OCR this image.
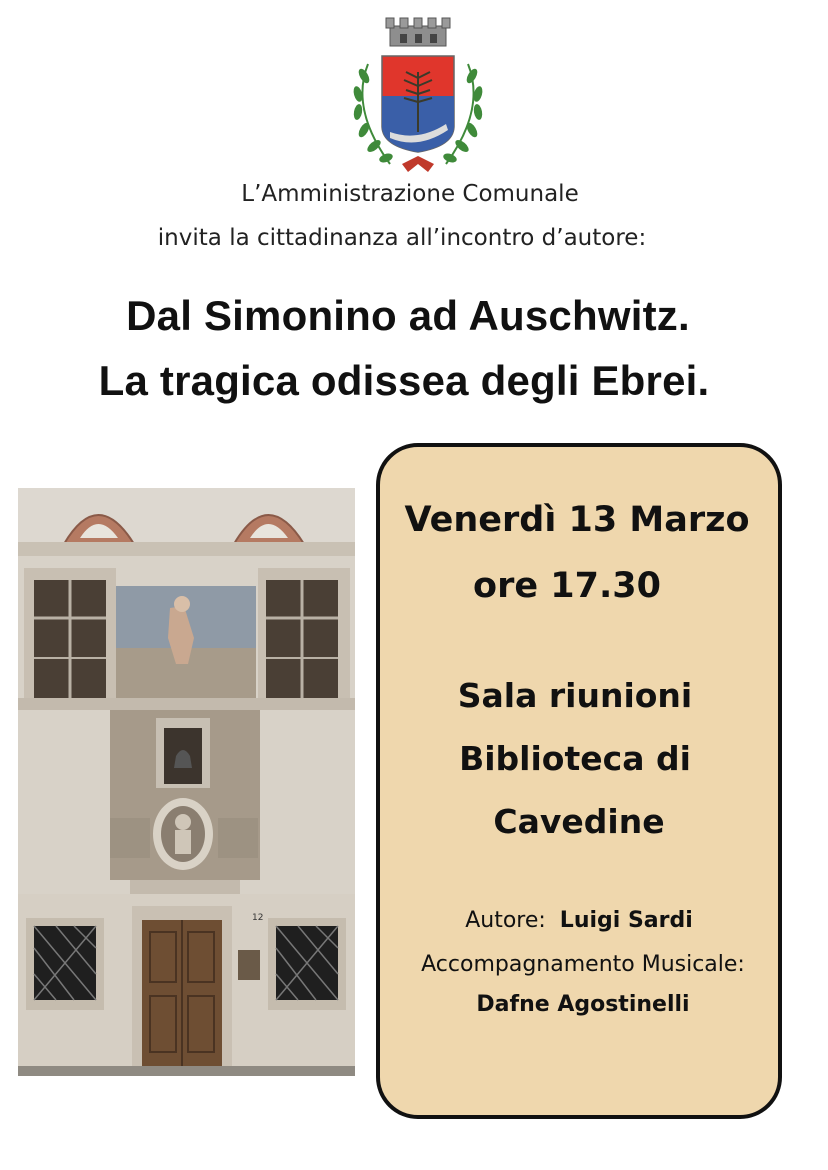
L’Amministrazione Comunale
invita la cittadinanza all’incontro d’autore:
Dal Simonino ad Auschwitz.
La tragica odissea degli Ebrei.
12
Venerdì 13 Marzo
ore 17.30
Sala riunioni
Biblioteca di
Cavedine
Autore: Luigi Sardi
Accompagnamento Musicale:
Dafne Agostinelli
